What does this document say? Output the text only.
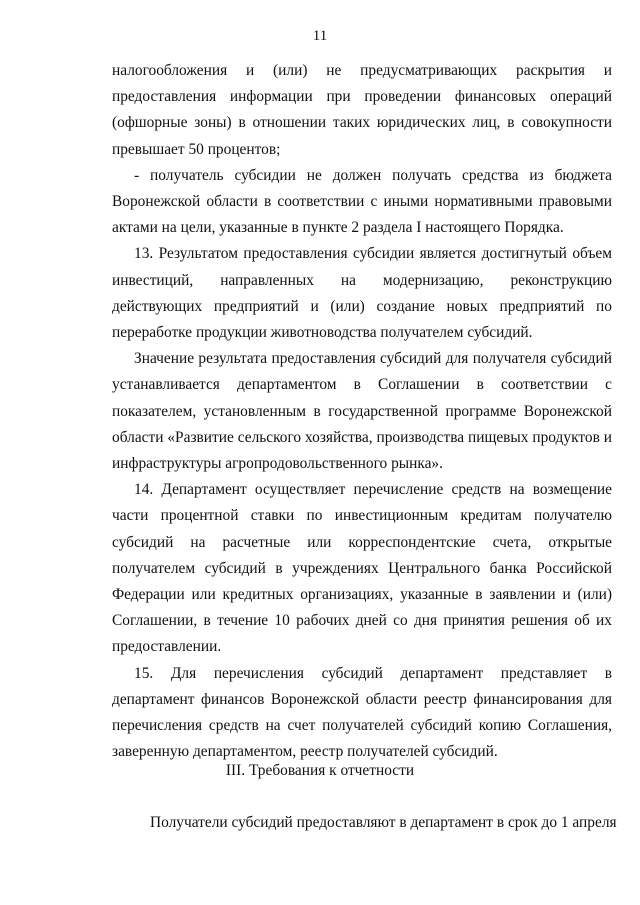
11

налогообложения и (или) не предусматривающих раскрытия и предоставления информации при проведении финансовых операций (офшорные зоны) в отношении таких юридических лиц, в совокупности превышает 50 процентов;

- получатель субсидии не должен получать средства из бюджета Воронежской области в соответствии с иными нормативными правовыми актами на цели, указанные в пункте 2 раздела I настоящего Порядка.

13. Результатом предоставления субсидии является достигнутый объем инвестиций, направленных на модернизацию, реконструкцию действующих предприятий и (или) создание новых предприятий по переработке продукции животноводства получателем субсидий.

Значение результата предоставления субсидий для получателя субсидий устанавливается департаментом в Соглашении в соответствии с показателем, установленным в государственной программе Воронежской области «Развитие сельского хозяйства, производства пищевых продуктов и инфраструктуры агропродовольственного рынка».

14. Департамент осуществляет перечисление средств на возмещение части процентной ставки по инвестиционным кредитам получателю субсидий на расчетные или корреспондентские счета, открытые получателем субсидий в учреждениях Центрального банка Российской Федерации или кредитных организациях, указанные в заявлении и (или) Соглашении, в течение 10 рабочих дней со дня принятия решения об их предоставлении.

15. Для перечисления субсидий департамент представляет в департамент финансов Воронежской области реестр финансирования для перечисления средств на счет получателей субсидий копию Соглашения, заверенную департаментом, реестр получателей субсидий.

III. Требования к отчетности
Получатели субсидий предоставляют в департамент в срок до 1 апреля
